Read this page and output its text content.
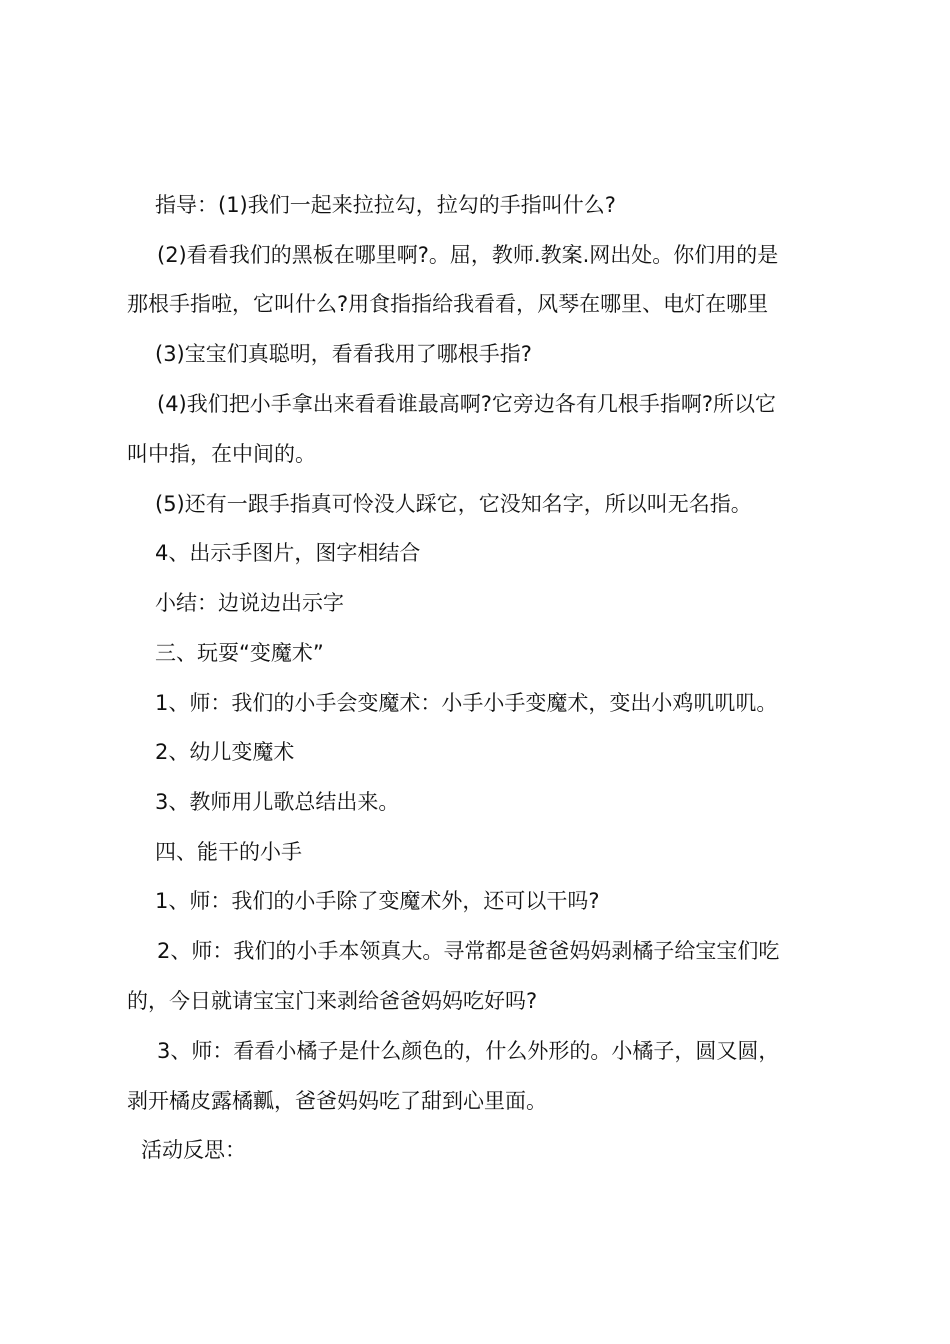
指导：(1)我们一起来拉拉勾，拉勾的手指叫什么?
(2)看看我们的黑板在哪里啊?。屈，教师.教案.网出处。你们用的是
那根手指啦，它叫什么?用食指指给我看看，风琴在哪里、电灯在哪里
(3)宝宝们真聪明，看看我用了哪根手指?
(4)我们把小手拿出来看看谁最高啊?它旁边各有几根手指啊?所以它
叫中指，在中间的。
(5)还有一跟手指真可怜没人踩它，它没知名字，所以叫无名指。
4、出示手图片，图字相结合
小结：边说边出示字
三、玩耍“变魔术”
1、师：我们的小手会变魔术：小手小手变魔术，变出小鸡叽叽叽。
2、幼儿变魔术
3、教师用儿歌总结出来。
四、能干的小手
1、师：我们的小手除了变魔术外，还可以干吗?
2、师：我们的小手本领真大。寻常都是爸爸妈妈剥橘子给宝宝们吃
的，今日就请宝宝门来剥给爸爸妈妈吃好吗?
3、师：看看小橘子是什么颜色的，什么外形的。小橘子，圆又圆，
剥开橘皮露橘瓤，爸爸妈妈吃了甜到心里面。
活动反思：
